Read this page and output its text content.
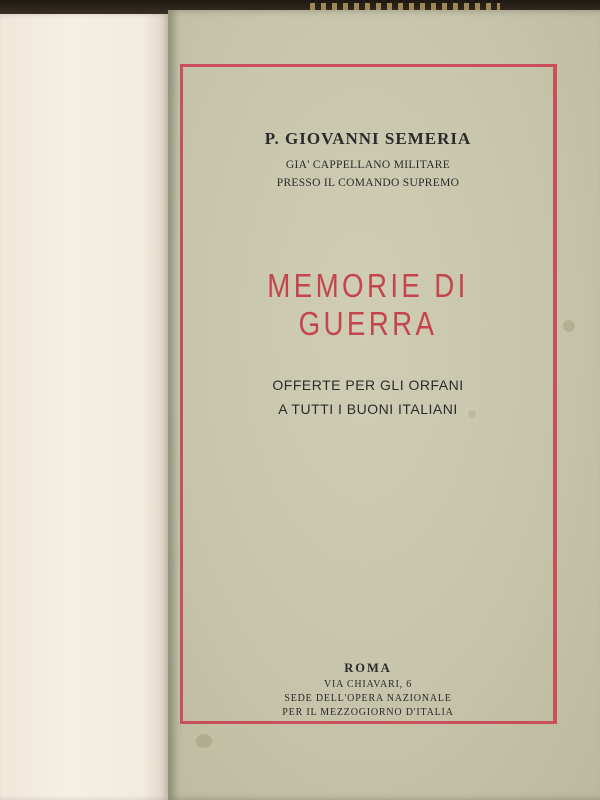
P. GIOVANNI SEMERIA
GIA' CAPPELLANO MILITARE
PRESSO IL COMANDO SUPREMO
MEMORIE DI GUERRA
OFFERTE PER GLI ORFANI
A TUTTI I BUONI ITALIANI
ROMA
VIA CHIAVARI, 6
SEDE DELL'OPERA NAZIONALE
PER IL MEZZOGIORNO D'ITALIA
